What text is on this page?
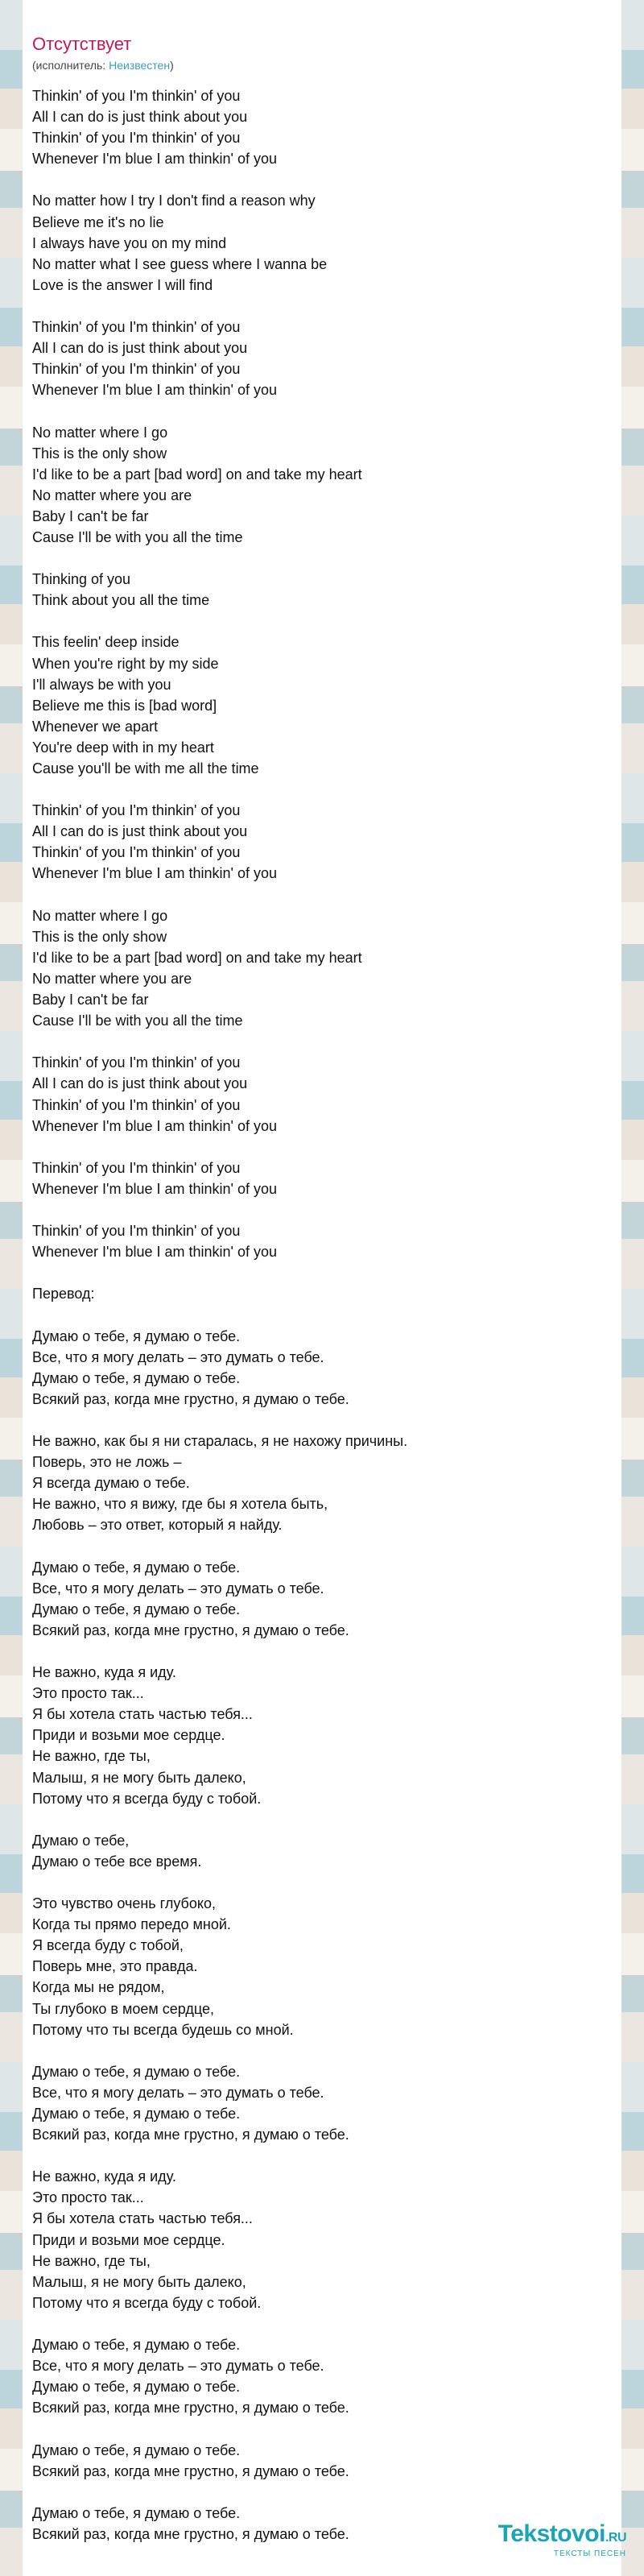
Отсутствует
(исполнитель: Неизвестен)
Thinkin' of you I'm thinkin' of you
All I can do is just think about you
Thinkin' of you I'm thinkin' of you
Whenever I'm blue I am thinkin' of you
No matter how I try I don't find a reason why
Believe me it's no lie
I always have you on my mind
No matter what I see guess where I wanna be
Love is the answer I will find
Thinkin' of you I'm thinkin' of you
All I can do is just think about you
Thinkin' of you I'm thinkin' of you
Whenever I'm blue I am thinkin' of you
No matter where I go
This is the only show
I'd like to be a part [bad word] on and take my heart
No matter where you are
Baby I can't be far
Cause I'll be with you all the time
Thinking of you
Think about you all the time
This feelin' deep inside
When you're right by my side
I'll always be with you
Believe me this is [bad word]
Whenever we apart
You're deep with in my heart
Cause you'll be with me all the time
Thinkin' of you I'm thinkin' of you
All I can do is just think about you
Thinkin' of you I'm thinkin' of you
Whenever I'm blue I am thinkin' of you
No matter where I go
This is the only show
I'd like to be a part [bad word] on and take my heart
No matter where you are
Baby I can't be far
Cause I'll be with you all the time
Thinkin' of you I'm thinkin' of you
All I can do is just think about you
Thinkin' of you I'm thinkin' of you
Whenever I'm blue I am thinkin' of you
Thinkin' of you I'm thinkin' of you
Whenever I'm blue I am thinkin' of you
Thinkin' of you I'm thinkin' of you
Whenever I'm blue I am thinkin' of you
Перевод:
Думаю о тебе, я думаю о тебе.
Все, что я могу делать – это думать о тебе.
Думаю о тебе, я думаю о тебе.
Всякий раз, когда мне грустно, я думаю о тебе.
Не важно, как бы я ни старалась, я не нахожу причины.
Поверь, это не ложь –
Я всегда думаю о тебе.
Не важно, что я вижу, где бы я хотела быть,
Любовь – это ответ, который я найду.
Думаю о тебе, я думаю о тебе.
Все, что я могу делать – это думать о тебе.
Думаю о тебе, я думаю о тебе.
Всякий раз, когда мне грустно, я думаю о тебе.
Не важно, куда я иду.
Это просто так...
Я бы хотела стать частью тебя...
Приди и возьми мое сердце.
Не важно, где ты,
Малыш, я не могу быть далеко,
Потому что я всегда буду с тобой.
Думаю о тебе,
Думаю о тебе все время.
Это чувство очень глубоко,
Когда ты прямо передо мной.
Я всегда буду с тобой,
Поверь мне, это правда.
Когда мы не рядом,
Ты глубоко в моем сердце,
Потому что ты всегда будешь со мной.
Думаю о тебе, я думаю о тебе.
Все, что я могу делать – это думать о тебе.
Думаю о тебе, я думаю о тебе.
Всякий раз, когда мне грустно, я думаю о тебе.
Не важно, куда я иду.
Это просто так...
Я бы хотела стать частью тебя...
Приди и возьми мое сердце.
Не важно, где ты,
Малыш, я не могу быть далеко,
Потому что я всегда буду с тобой.
Думаю о тебе, я думаю о тебе.
Все, что я могу делать – это думать о тебе.
Думаю о тебе, я думаю о тебе.
Всякий раз, когда мне грустно, я думаю о тебе.
Думаю о тебе, я думаю о тебе.
Всякий раз, когда мне грустно, я думаю о тебе.
Думаю о тебе, я думаю о тебе.
Всякий раз, когда мне грустно, я думаю о тебе.	Tekstovoi.RU
ТЕКСТЫ ПЕСЕН
